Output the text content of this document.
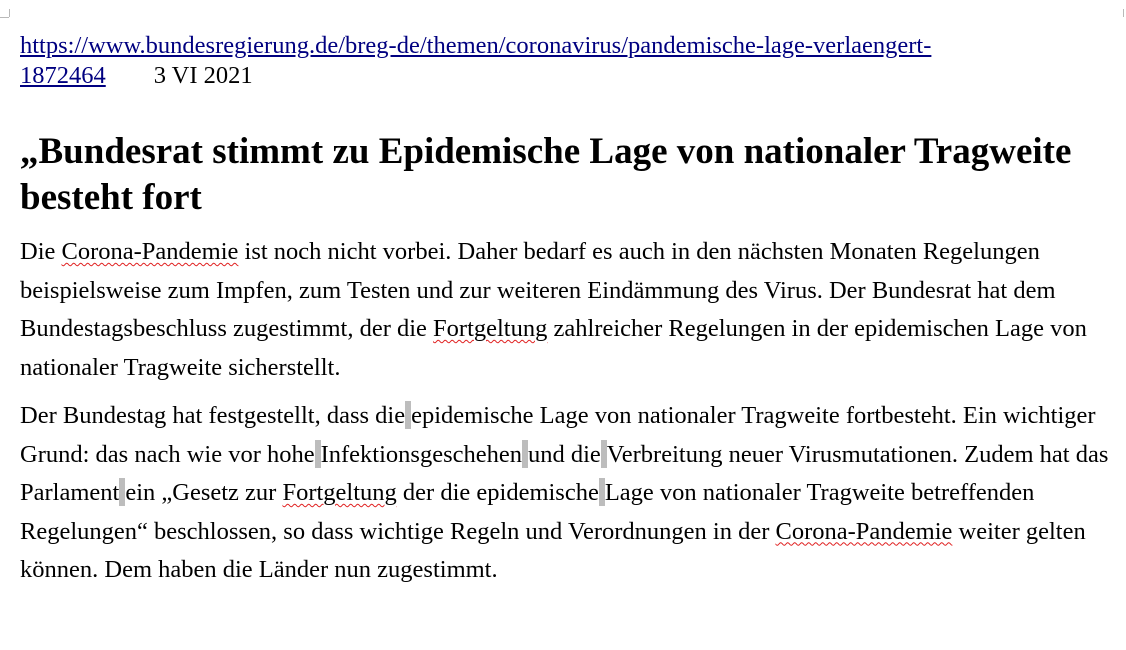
https://www.bundesregierung.de/breg-de/themen/coronavirus/pandemische-lage-verlaengert-
1872464 3 VI 2021

„Bundesrat stimmt zu Epidemische Lage von nationaler Tragweite besteht fort

Die Corona-Pandemie ist noch nicht vorbei. Daher bedarf es auch in den nächsten Monaten Regelungen beispielsweise zum Impfen, zum Testen und zur weiteren Eindämmung des Virus. Der Bundesrat hat dem Bundestagsbeschluss zugestimmt, der die Fortgeltung zahlreicher Regelungen in der epidemischen Lage von nationaler Tragweite sicherstellt.

Der Bundestag hat festgestellt, dass die epidemische Lage von nationaler Tragweite fortbesteht. Ein wichtiger Grund: das nach wie vor hohe Infektionsgeschehen und die Verbreitung neuer Virusmutationen. Zudem hat das Parlament ein „Gesetz zur Fortgeltung der die epidemische Lage von nationaler Tragweite betreffenden Regelungen“ beschlossen, so dass wichtige Regeln und Verordnungen in der Corona-Pandemie weiter gelten können. Dem haben die Länder nun zugestimmt.
